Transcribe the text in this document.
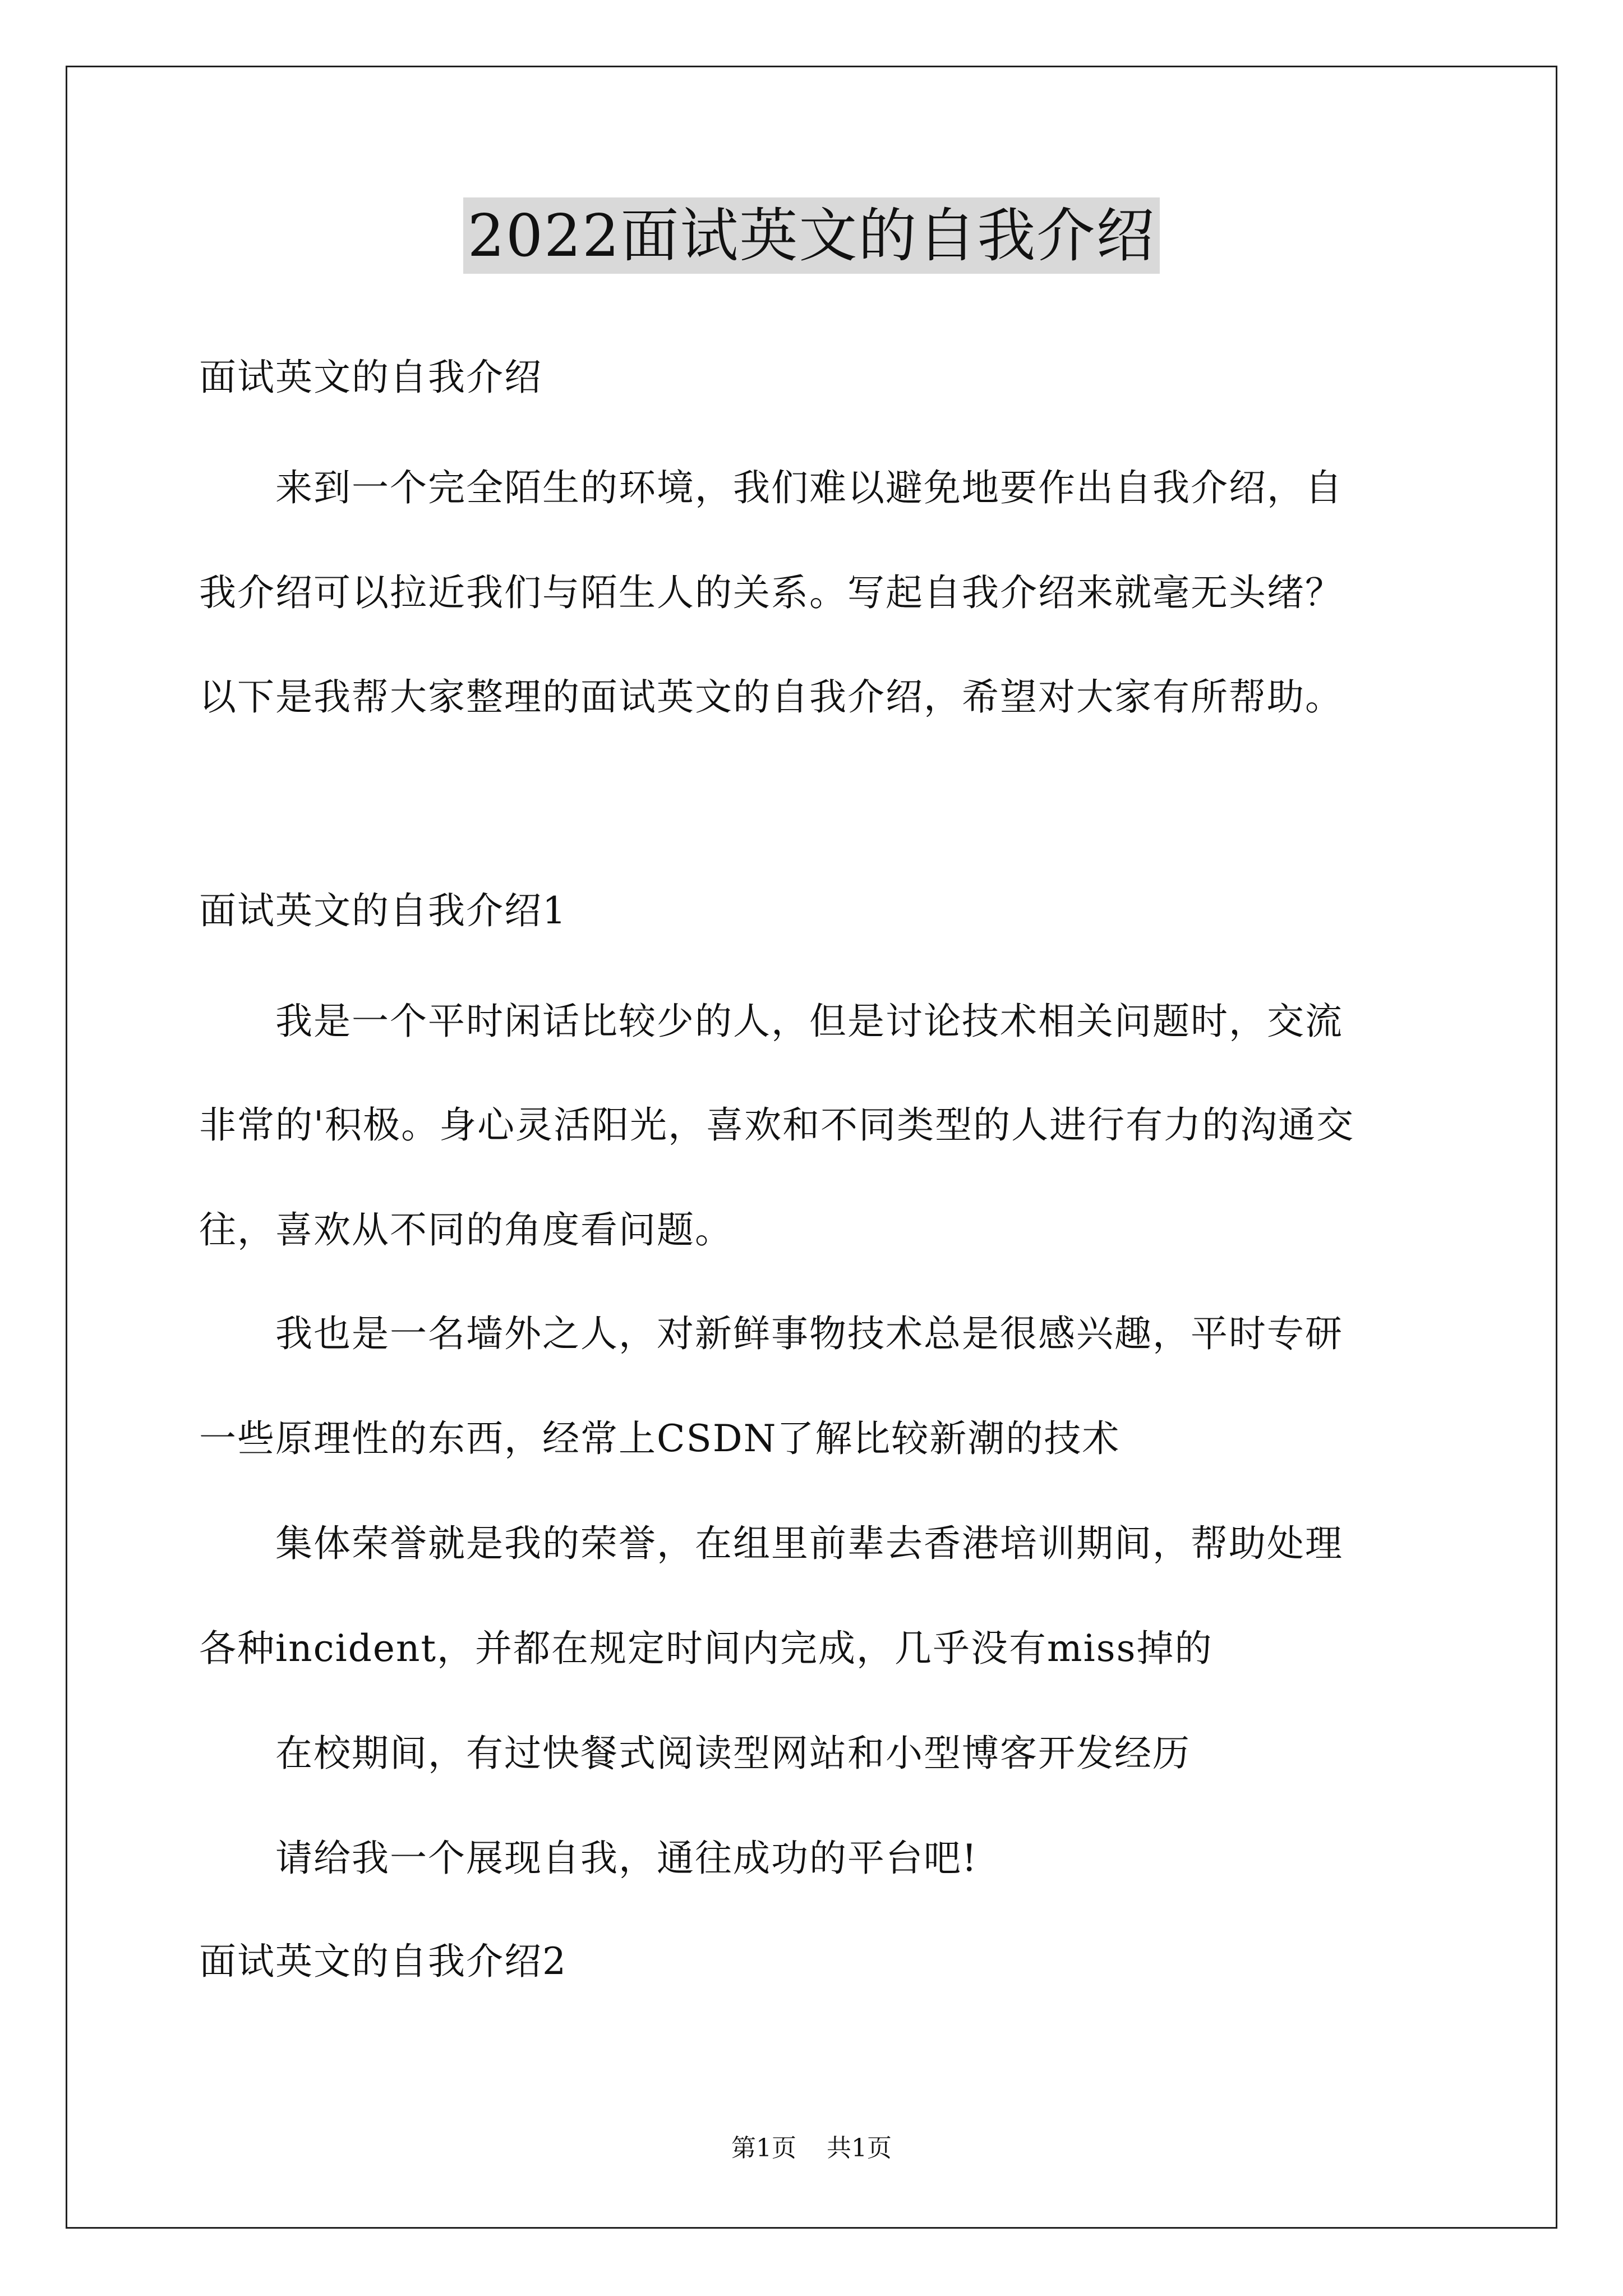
2022面试英文的自我介绍
面试英文的自我介绍
　　来到一个完全陌生的环境，我们难以避免地要作出自我介绍，自
我介绍可以拉近我们与陌生人的关系。写起自我介绍来就毫无头绪？
以下是我帮大家整理的面试英文的自我介绍，希望对大家有所帮助。
面试英文的自我介绍1
　　我是一个平时闲话比较少的人，但是讨论技术相关问题时，交流
非常的'积极。身心灵活阳光，喜欢和不同类型的人进行有力的沟通交
往，喜欢从不同的角度看问题。
　　我也是一名墙外之人，对新鲜事物技术总是很感兴趣，平时专研
一些原理性的东西，经常上CSDN了解比较新潮的技术
　　集体荣誉就是我的荣誉，在组里前辈去香港培训期间，帮助处理
各种incident，并都在规定时间内完成，几乎没有miss掉的
　　在校期间，有过快餐式阅读型网站和小型博客开发经历
　　请给我一个展现自我，通往成功的平台吧!
面试英文的自我介绍2
第1页 共1页
